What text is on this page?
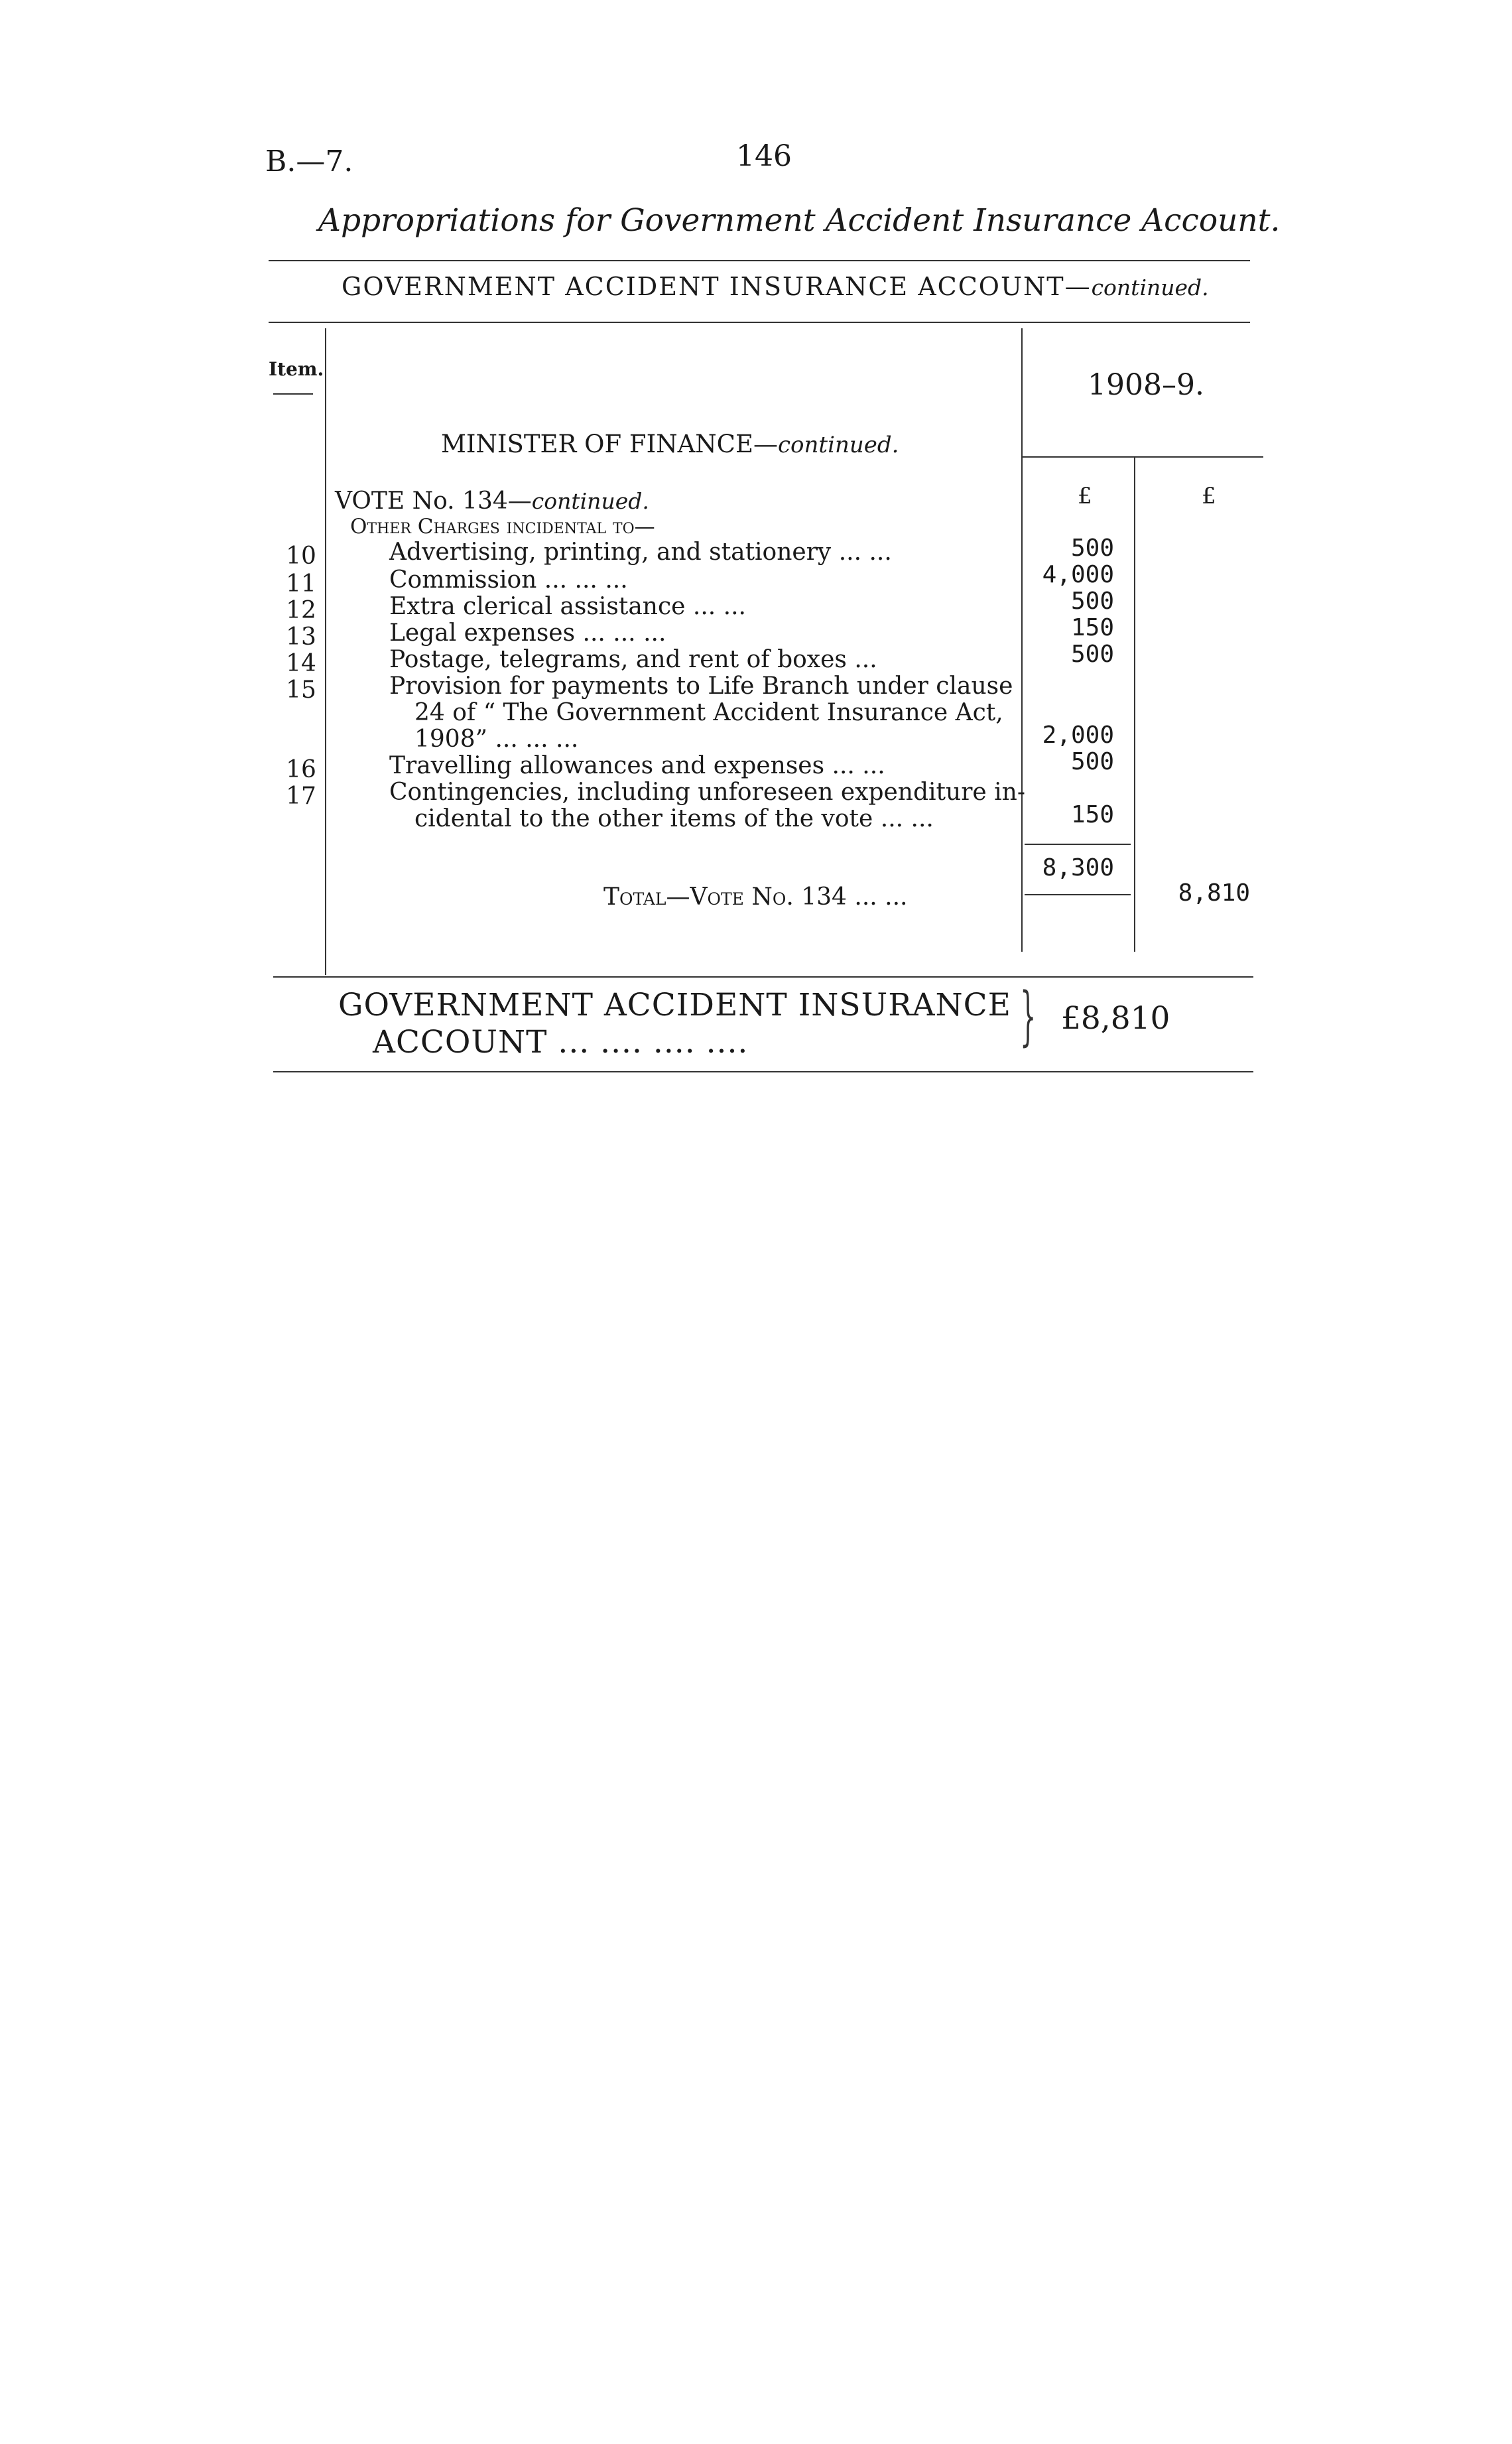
B.—7.	146
Appropriations for Government Accident Insurance Account.
GOVERNMENT ACCIDENT INSURANCE ACCOUNT—continued.
Item.	1908–9.
MINISTER OF FINANCE—continued.
VOTE No. 134—continued.
Other Charges incidental to—
£	£
10	Advertising, printing, and stationery ... ...	500
11	Commission ... ... ...	4,000
12	Extra clerical assistance ... ...	500
13	Legal expenses ... ... ...	150
14	Postage, telegrams, and rent of boxes ...	500
15	Provision for payments to Life Branch under clause
24 of “ The Government Accident Insurance Act,
1908” ... ... ...	2,000
16	Travelling allowances and expenses ... ...	500
17	Contingencies, including unforeseen expenditure in-
cidental to the other items of the vote ... ...	150
8,300
Total—Vote No. 134 ... ...	8,810
GOVERNMENT ACCIDENT INSURANCE
ACCOUNT ... .... .... ....	} £8,810
